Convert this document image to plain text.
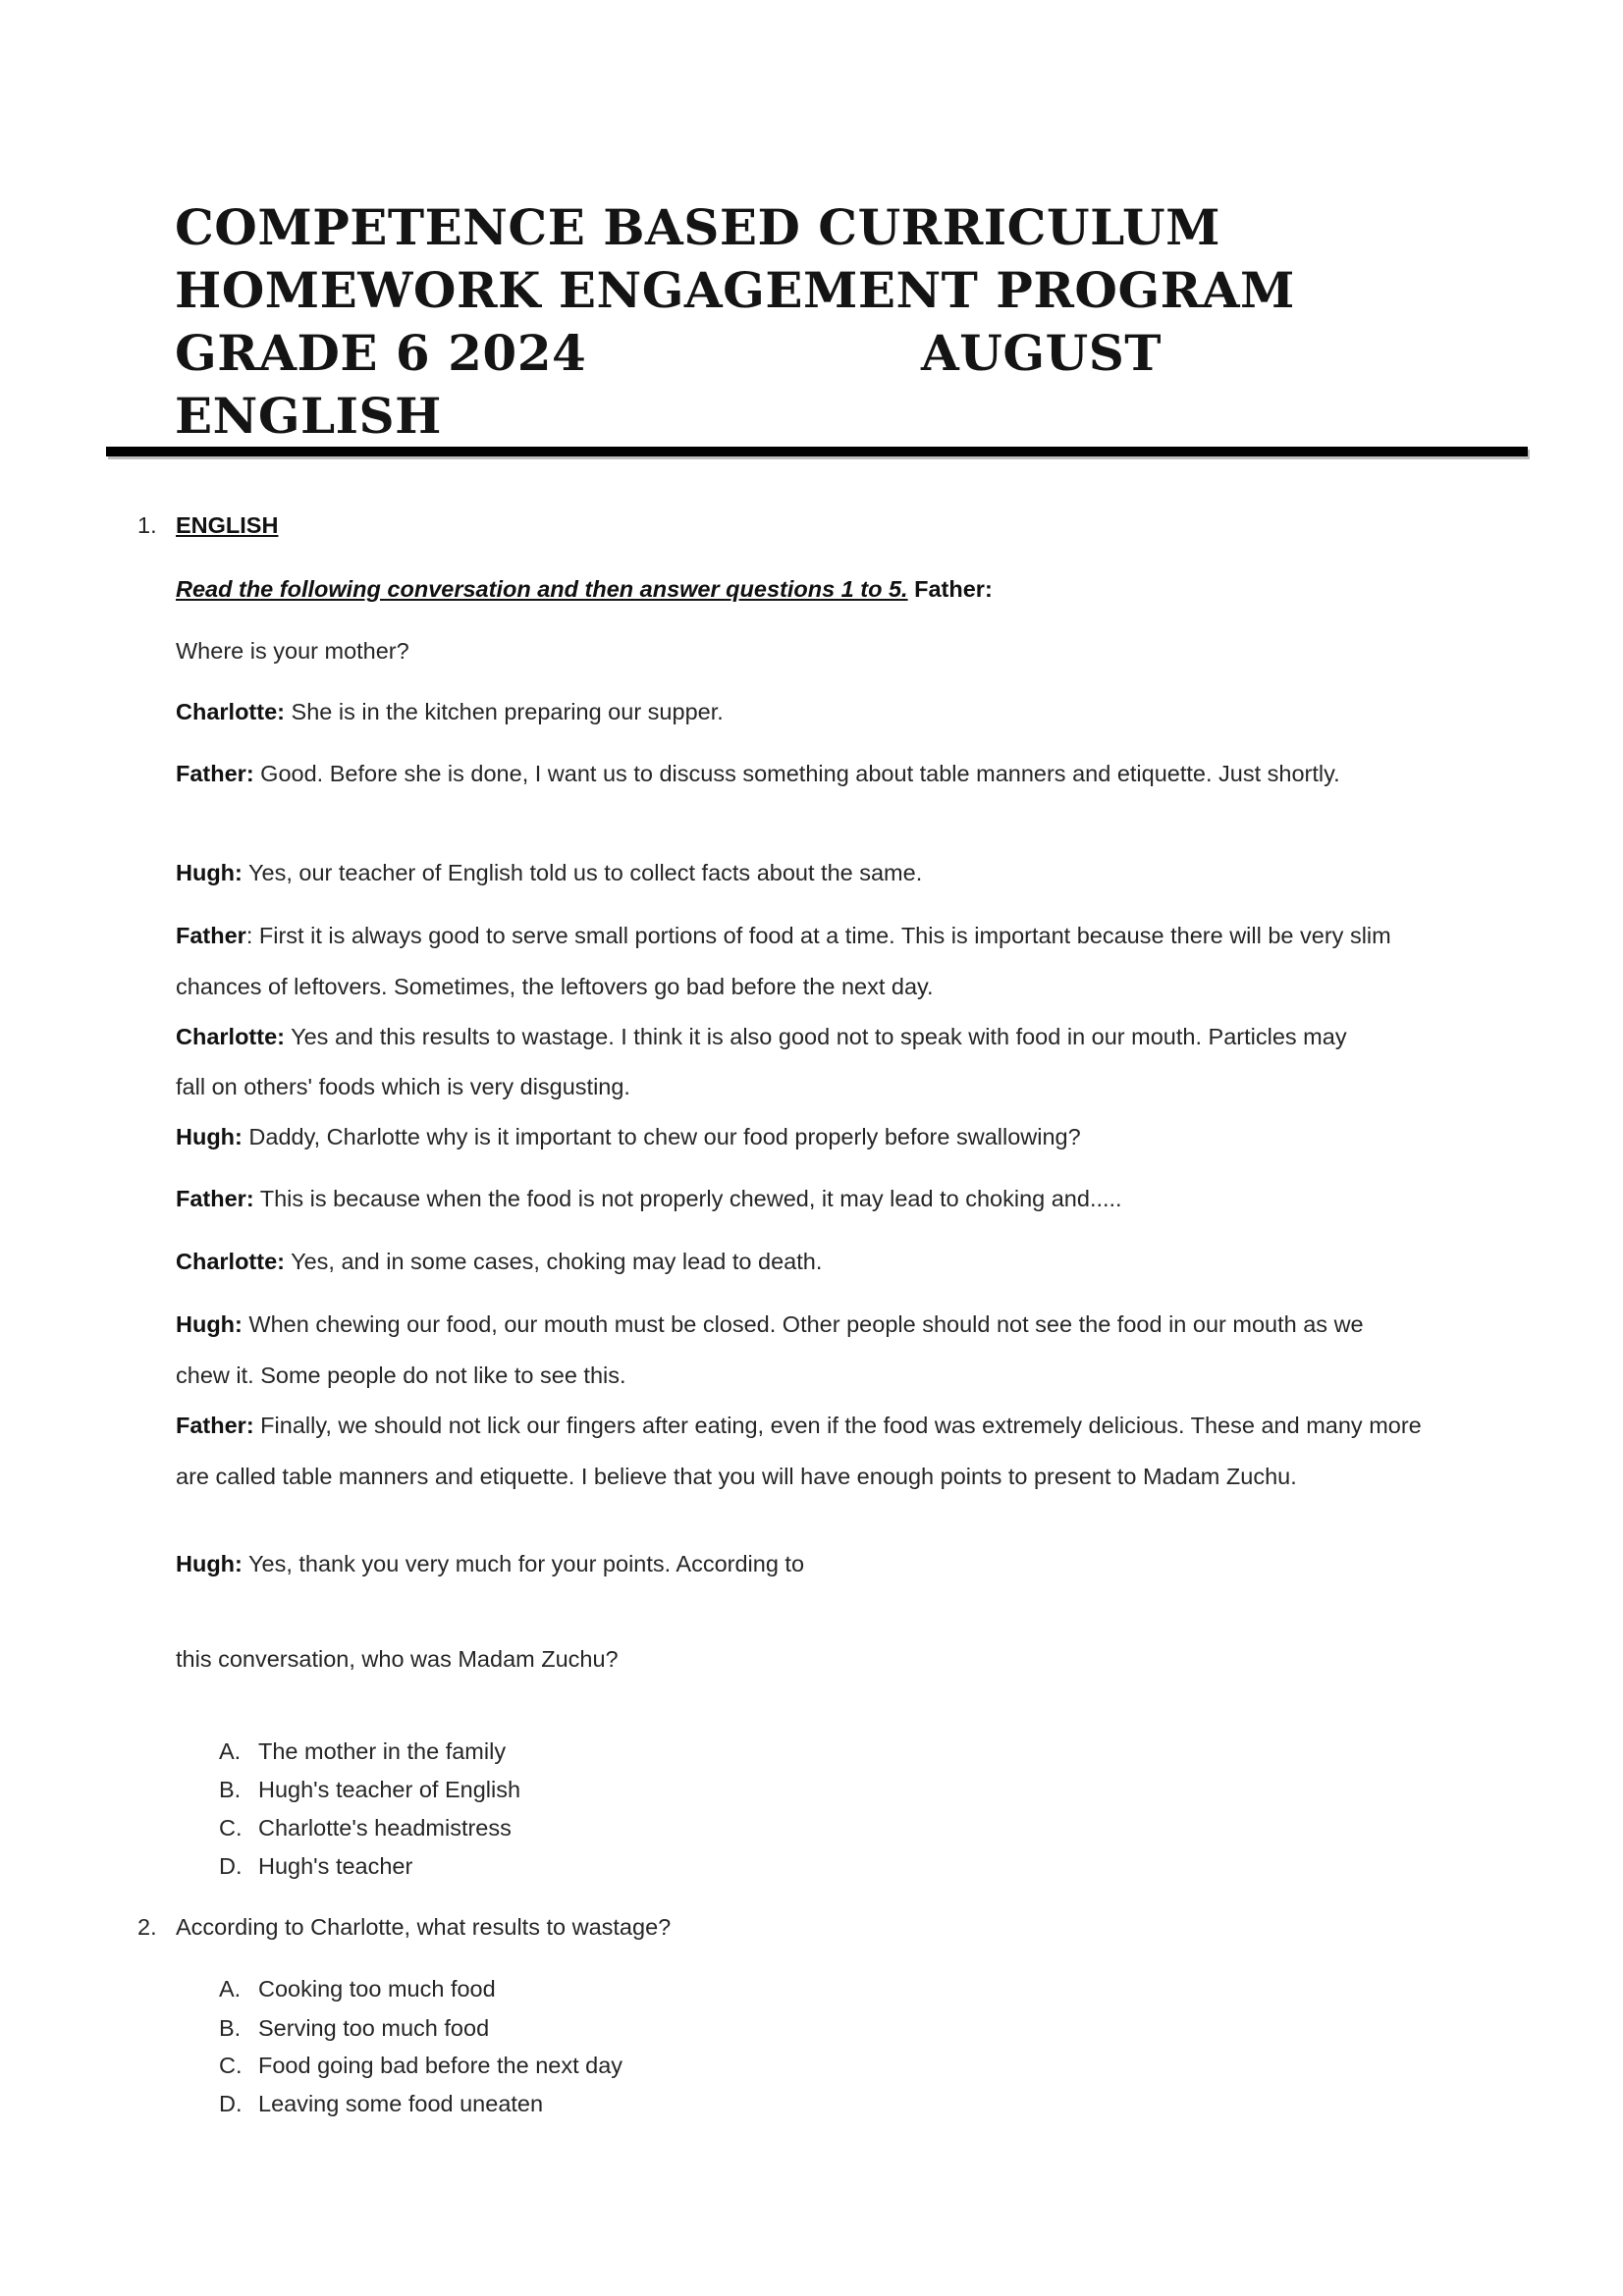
COMPETENCE BASED CURRICULUM
HOMEWORK ENGAGEMENT PROGRAM
GRADE 6 2024	AUGUST
ENGLISH
1. ENGLISH
Read the following conversation and then answer questions 1 to 5. Father:
Where is your mother?
Charlotte: She is in the kitchen preparing our supper.
Father: Good. Before she is done, I want us to discuss something about table manners and etiquette. Just shortly.
Hugh: Yes, our teacher of English told us to collect facts about the same.
Father: First it is always good to serve small portions of food at a time. This is important because there will be very slim
chances of leftovers. Sometimes, the leftovers go bad before the next day.
Charlotte: Yes and this results to wastage. I think it is also good not to speak with food in our mouth. Particles may
fall on others' foods which is very disgusting.
Hugh: Daddy, Charlotte why is it important to chew our food properly before swallowing?
Father: This is because when the food is not properly chewed, it may lead to choking and.....
Charlotte: Yes, and in some cases, choking may lead to death.
Hugh: When chewing our food, our mouth must be closed. Other people should not see the food in our mouth as we
chew it. Some people do not like to see this.
Father: Finally, we should not lick our fingers after eating, even if the food was extremely delicious. These and many more
are called table manners and etiquette. I believe that you will have enough points to present to Madam Zuchu.
Hugh: Yes, thank you very much for your points. According to
this conversation, who was Madam Zuchu?
A. The mother in the family
B. Hugh's teacher of English
C. Charlotte's headmistress
D. Hugh's teacher
2. According to Charlotte, what results to wastage?
A. Cooking too much food
B. Serving too much food
C. Food going bad before the next day
D. Leaving some food uneaten
